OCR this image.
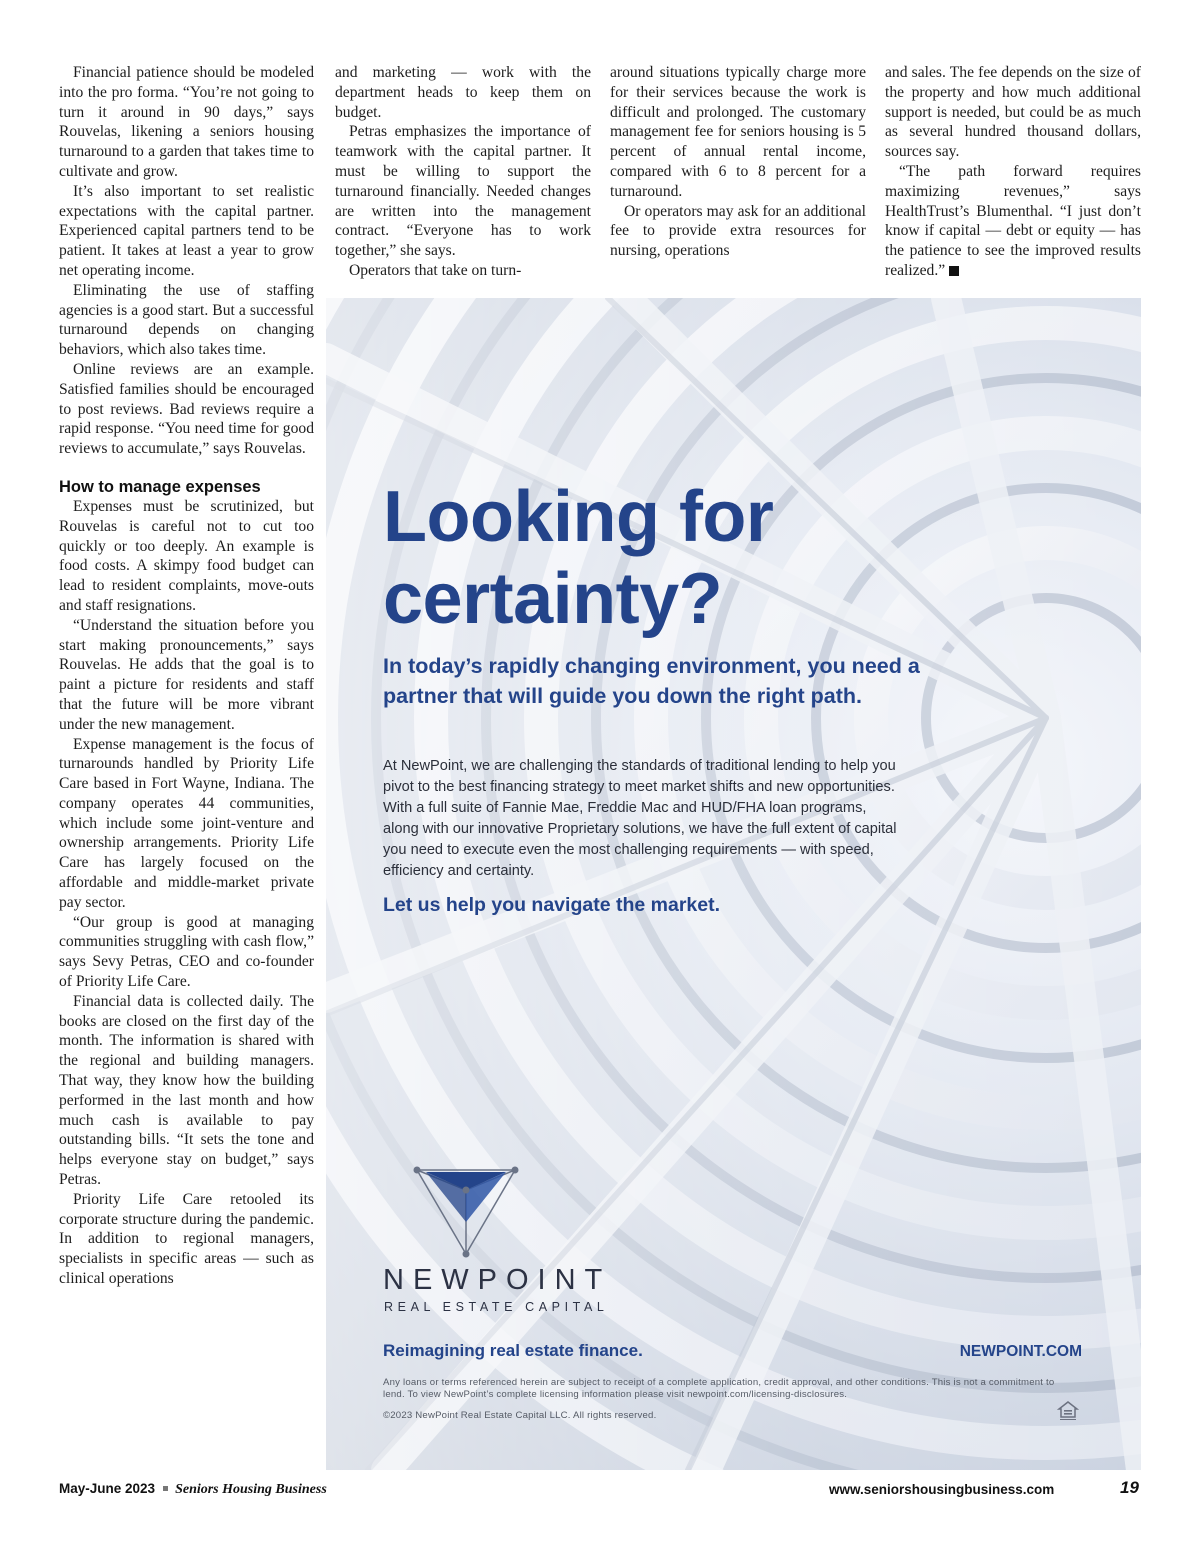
Financial patience should be modeled into the pro forma. “You’re not going to turn it around in 90 days,” says Rouvelas, likening a seniors housing turnaround to a garden that takes time to cultivate and grow.

It’s also important to set realistic expectations with the capital partner. Experienced capital partners tend to be patient. It takes at least a year to grow net operating income.

Eliminating the use of staffing agencies is a good start. But a successful turnaround depends on changing behaviors, which also takes time.

Online reviews are an example. Satisfied families should be encouraged to post reviews. Bad reviews require a rapid response. “You need time for good reviews to accumulate,” says Rouvelas.

How to manage expenses

Expenses must be scrutinized, but Rouvelas is careful not to cut too quickly or too deeply. An example is food costs. A skimpy food budget can lead to resident complaints, move-outs and staff resignations.

“Understand the situation before you start making pronouncements,” says Rouvelas. He adds that the goal is to paint a picture for residents and staff that the future will be more vibrant under the new management.

Expense management is the focus of turnarounds handled by Priority Life Care based in Fort Wayne, Indiana. The company operates 44 communities, which include some joint-venture and ownership arrangements. Priority Life Care has largely focused on the affordable and middle-market private pay sector.

“Our group is good at managing communities struggling with cash flow,” says Sevy Petras, CEO and co-founder of Priority Life Care.

Financial data is collected daily. The books are closed on the first day of the month. The information is shared with the regional and building managers. That way, they know how the building performed in the last month and how much cash is available to pay outstanding bills. “It sets the tone and helps everyone stay on budget,” says Petras.

Priority Life Care retooled its corporate structure during the pandemic. In addition to regional managers, specialists in specific areas — such as clinical operations

and marketing — work with the department heads to keep them on budget.

Petras emphasizes the importance of teamwork with the capital partner. It must be willing to support the turnaround financially. Needed changes are written into the management contract. “Everyone has to work together,” she says.

Operators that take on turn-

around situations typically charge more for their services because the work is difficult and prolonged. The customary management fee for seniors housing is 5 percent of annual rental income, compared with 6 to 8 percent for a turnaround.

Or operators may ask for an additional fee to provide extra resources for nursing, operations

and sales. The fee depends on the size of the property and how much additional support is needed, but could be as much as several hundred thousand dollars, sources say.

“The path forward requires maximizing revenues,” says HealthTrust’s Blumenthal. “I just don’t know if capital — debt or equity — has the patience to see the improved results realized.”

Looking for
certainty?
In today’s rapidly changing environment, you need a partner that will guide you down the right path.
At NewPoint, we are challenging the standards of traditional lending to help you pivot to the best financing strategy to meet market shifts and new opportunities. With a full suite of Fannie Mae, Freddie Mac and HUD/FHA loan programs, along with our innovative Proprietary solutions, we have the full extent of capital you need to execute even the most challenging requirements — with speed, efficiency and certainty.
Let us help you navigate the market.
NEWPOINT
REAL ESTATE CAPITAL
Reimagining real estate finance.	NEWPOINT.COM
Any loans or terms referenced herein are subject to receipt of a complete application, credit approval, and other conditions. This is not a commitment to lend. To view NewPoint’s complete licensing information please visit newpoint.com/licensing-disclosures.
©2023 NewPoint Real Estate Capital LLC. All rights reserved.
May-June 2023 Seniors Housing Business	www.seniorshousingbusiness.com	19
